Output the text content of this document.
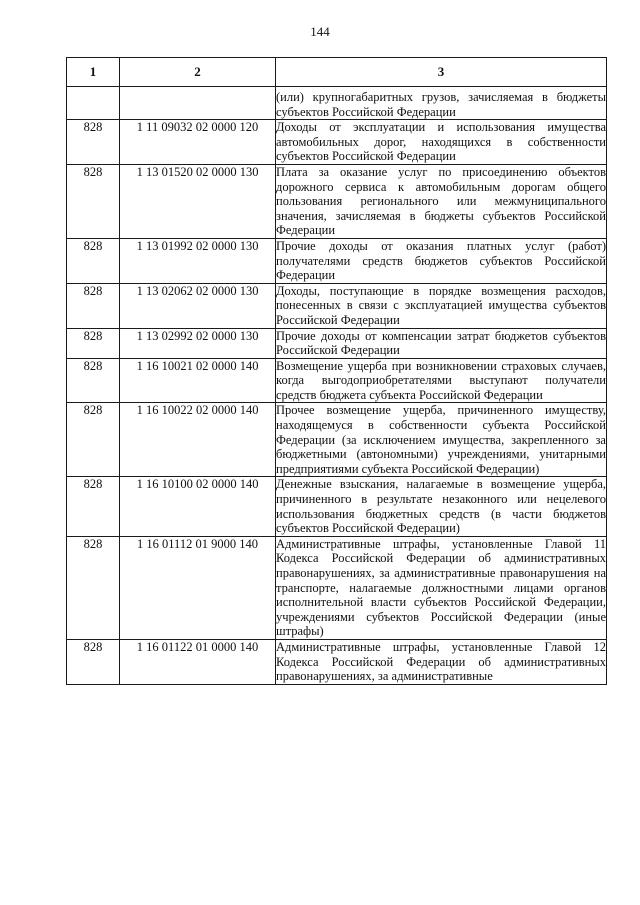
144
1	2	3
		(или) крупногабаритных грузов, зачисляемая в бюджеты субъектов Российской Федерации
828	1 11 09032 02 0000 120	Доходы от эксплуатации и использования имущества автомобильных дорог, находящихся в собственности субъектов Российской Федерации
828	1 13 01520 02 0000 130	Плата за оказание услуг по присоединению объектов дорожного сервиса к автомобильным дорогам общего пользования регионального или межмуниципального значения, зачисляемая в бюджеты субъектов Российской Федерации
828	1 13 01992 02 0000 130	Прочие доходы от оказания платных услуг (работ) получателями средств бюджетов субъектов Российской Федерации
828	1 13 02062 02 0000 130	Доходы, поступающие в порядке возмещения расходов, понесенных в связи с эксплуатацией имущества субъектов Российской Федерации
828	1 13 02992 02 0000 130	Прочие доходы от компенсации затрат бюджетов субъектов Российской Федерации
828	1 16 10021 02 0000 140	Возмещение ущерба при возникновении страховых случаев, когда выгодоприобретателями выступают получатели средств бюджета субъекта Российской Федерации
828	1 16 10022 02 0000 140	Прочее возмещение ущерба, причиненного имуществу, находящемуся в собственности субъекта Российской Федерации (за исключением имущества, закрепленного за бюджетными (автономными) учреждениями, унитарными предприятиями субъекта Российской Федерации)
828	1 16 10100 02 0000 140	Денежные взыскания, налагаемые в возмещение ущерба, причиненного в результате незаконного или нецелевого использования бюджетных средств (в части бюджетов субъектов Российской Федерации)
828	1 16 01112 01 9000 140	Административные штрафы, установленные Главой 11 Кодекса Российской Федерации об административных правонарушениях, за административные правонарушения на транспорте, налагаемые должностными лицами органов исполнительной власти субъектов Российской Федерации, учреждениями субъектов Российской Федерации (иные штрафы)
828	1 16 01122 01 0000 140	Административные штрафы, установленные Главой 12 Кодекса Российской Федерации об административных правонарушениях, за административные
